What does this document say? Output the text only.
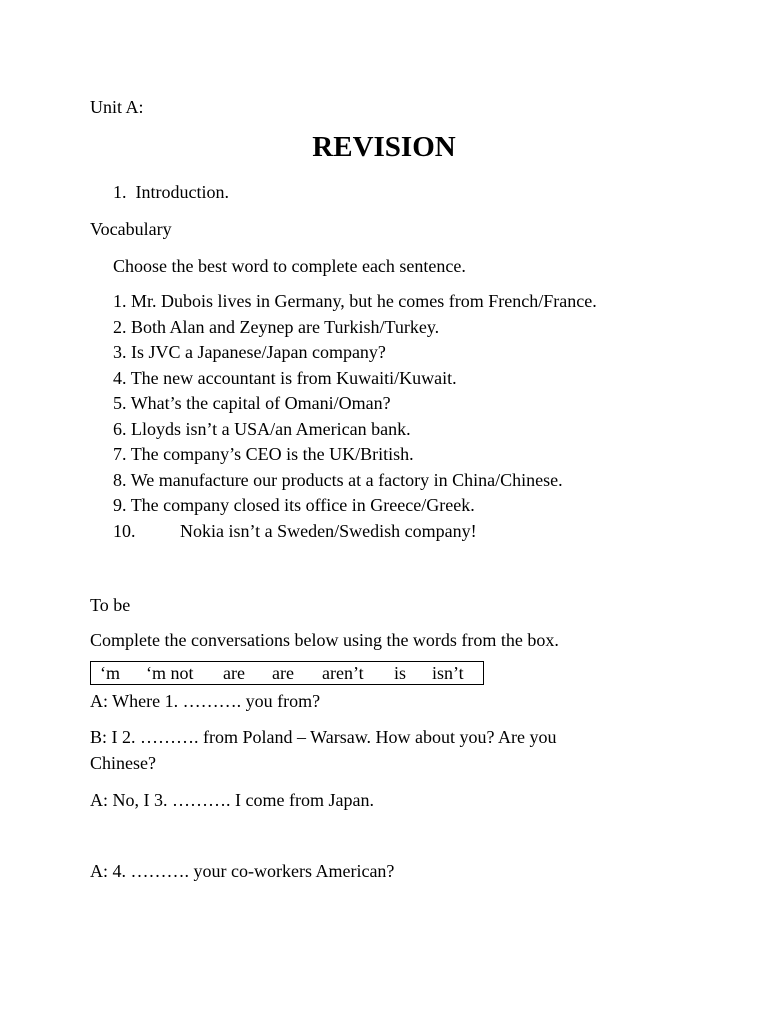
Unit A:
REVISION
1. Introduction.
Vocabulary
Choose the best word to complete each sentence.
1. Mr. Dubois lives in Germany, but he comes from French/France.
2. Both Alan and Zeynep are Turkish/Turkey.
3. Is JVC a Japanese/Japan company?
4. The new accountant is from Kuwaiti/Kuwait.
5. What’s the capital of Omani/Oman?
6. Lloyds isn’t a USA/an American bank.
7. The company’s CEO is the UK/British.
8. We manufacture our products at a factory in China/Chinese.
9. The company closed its office in Greece/Greek.
10. Nokia isn’t a Sweden/Swedish company!
To be
Complete the conversations below using the words from the box.
‘m ‘m not are are aren’t is isn’t
A: Where 1. ………. you from?
B: I 2. ………. from Poland – Warsaw. How about you? Are you
Chinese?
A: No, I 3. ………. I come from Japan.
A: 4. ………. your co-workers American?
